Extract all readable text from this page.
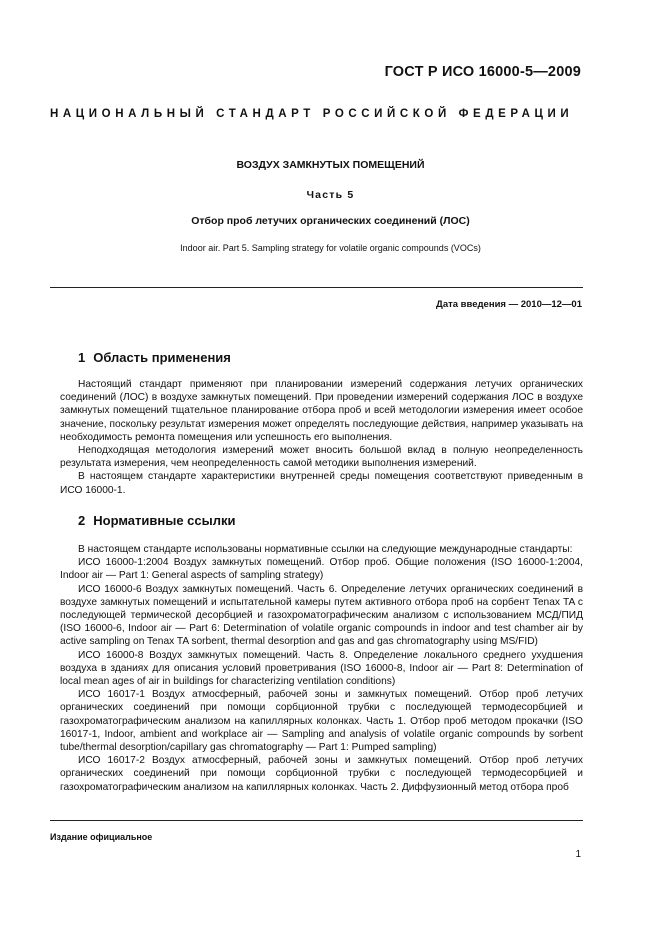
ГОСТ Р ИСО 16000-5—2009
НАЦИОНАЛЬНЫЙ СТАНДАРТ РОССИЙСКОЙ ФЕДЕРАЦИИ
ВОЗДУХ ЗАМКНУТЫХ ПОМЕЩЕНИЙ
Часть 5
Отбор проб летучих органических соединений (ЛОС)
Indoor air. Part 5. Sampling strategy for volatile organic compounds (VOCs)
Дата введения — 2010—12—01
1 Область применения

Настоящий стандарт применяют при планировании измерений содержания летучих органических соединений (ЛОС) в воздухе замкнутых помещений. При проведении измерений содержания ЛОС в воздухе замкнутых помещений тщательное планирование отбора проб и всей методологии измерения имеет особое значение, поскольку результат измерения может определять последующие действия, например указывать на необходимость ремонта помещения или успешность его выполнения.

Неподходящая методология измерений может вносить большой вклад в полную неопределенность результата измерения, чем неопределенность самой методики выполнения измерений.

В настоящем стандарте характеристики внутренней среды помещения соответствуют приведенным в ИСО 16000-1.

2 Нормативные ссылки

В настоящем стандарте использованы нормативные ссылки на следующие международные стандарты:

ИСО 16000-1:2004 Воздух замкнутых помещений. Отбор проб. Общие положения (ISO 16000-1:2004, Indoor air — Part 1: General aspects of sampling strategy)

ИСО 16000-6 Воздух замкнутых помещений. Часть 6. Определение летучих органических соединений в воздухе замкнутых помещений и испытательной камеры путем активного отбора проб на сорбент Tenax TA с последующей термической десорбцией и газохроматографическим анализом с использованием МСД/ПИД (ISO 16000-6, Indoor air — Part 6: Determination of volatile organic compounds in indoor and test chamber air by active sampling on Tenax TA sorbent, thermal desorption and gas and gas chromatography using MS/FID)

ИСО 16000-8 Воздух замкнутых помещений. Часть 8. Определение локального среднего ухудшения воздуха в зданиях для описания условий проветривания (ISO 16000-8, Indoor air — Part 8: Determination of local mean ages of air in buildings for characterizing ventilation conditions)

ИСО 16017-1 Воздух атмосферный, рабочей зоны и замкнутых помещений. Отбор проб летучих органических соединений при помощи сорбционной трубки с последующей термодесорбцией и газохроматографическим анализом на капиллярных колонках. Часть 1. Отбор проб методом прокачки (ISO 16017-1, Indoor, ambient and workplace air — Sampling and analysis of volatile organic compounds by sorbent tube/thermal desorption/capillary gas chromatography — Part 1: Pumped sampling)

ИСО 16017-2 Воздух атмосферный, рабочей зоны и замкнутых помещений. Отбор проб летучих органических соединений при помощи сорбционной трубки с последующей термодесорбцией и газохроматографическим анализом на капиллярных колонках. Часть 2. Диффузионный метод отбора проб

Издание официальное
1
